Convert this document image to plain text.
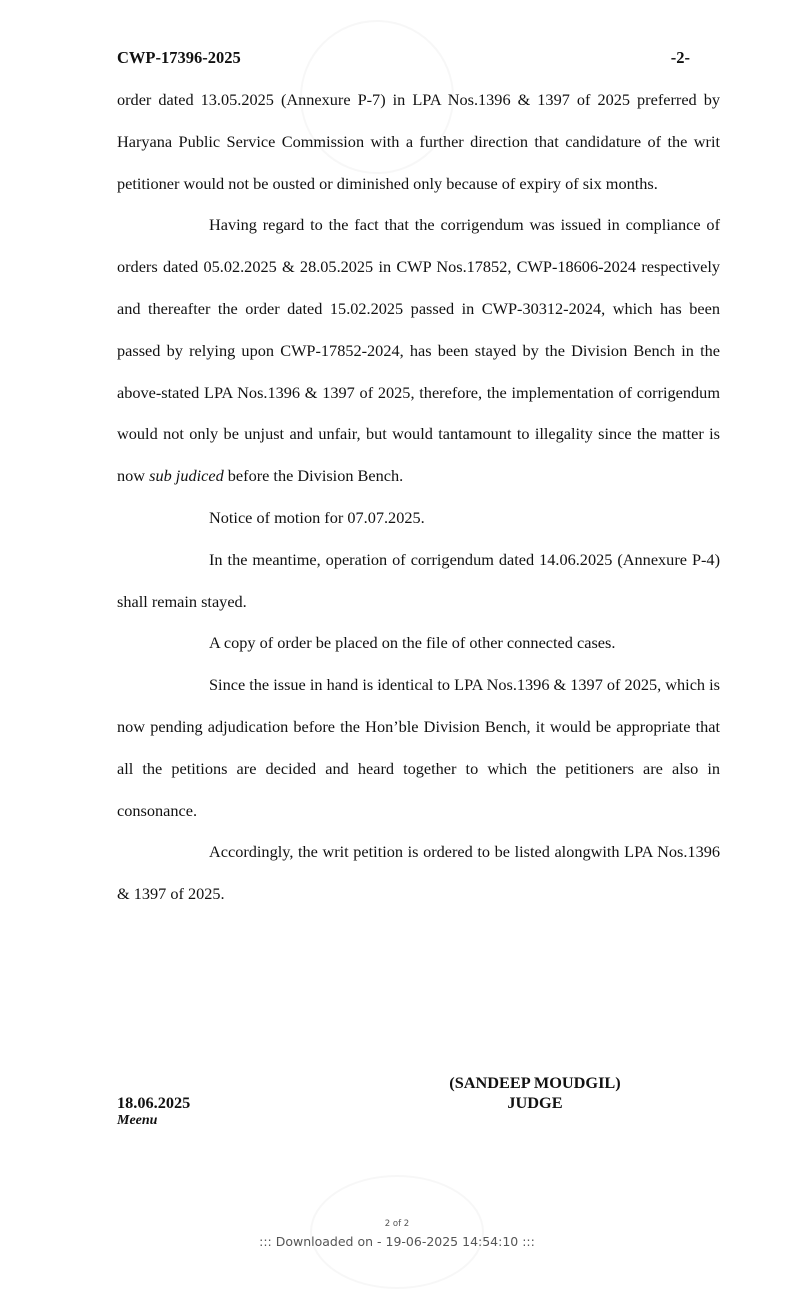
CWP-17396-2025	-2-

order dated 13.05.2025 (Annexure P-7) in LPA Nos.1396 & 1397 of 2025 preferred by Haryana Public Service Commission with a further direction that candidature of the writ petitioner would not be ousted or diminished only because of expiry of six months.

Having regard to the fact that the corrigendum was issued in compliance of orders dated 05.02.2025 & 28.05.2025 in CWP Nos.17852, CWP-18606-2024 respectively and thereafter the order dated 15.02.2025 passed in CWP-30312-2024, which has been passed by relying upon CWP-17852-2024, has been stayed by the Division Bench in the above-stated LPA Nos.1396 & 1397 of 2025, therefore, the implementation of corrigendum would not only be unjust and unfair, but would tantamount to illegality since the matter is now sub judiced before the Division Bench.

Notice of motion for 07.07.2025.

In the meantime, operation of corrigendum dated 14.06.2025 (Annexure P-4) shall remain stayed.

A copy of order be placed on the file of other connected cases.

Since the issue in hand is identical to LPA Nos.1396 & 1397 of 2025, which is now pending adjudication before the Hon’ble Division Bench, it would be appropriate that all the petitions are decided and heard together to which the petitioners are also in consonance.

Accordingly, the writ petition is ordered to be listed alongwith LPA Nos.1396 & 1397 of 2025.

(SANDEEP MOUDGIL)
JUDGE
18.06.2025
Meenu
2 of 2
::: Downloaded on - 19-06-2025 14:54:10 :::
